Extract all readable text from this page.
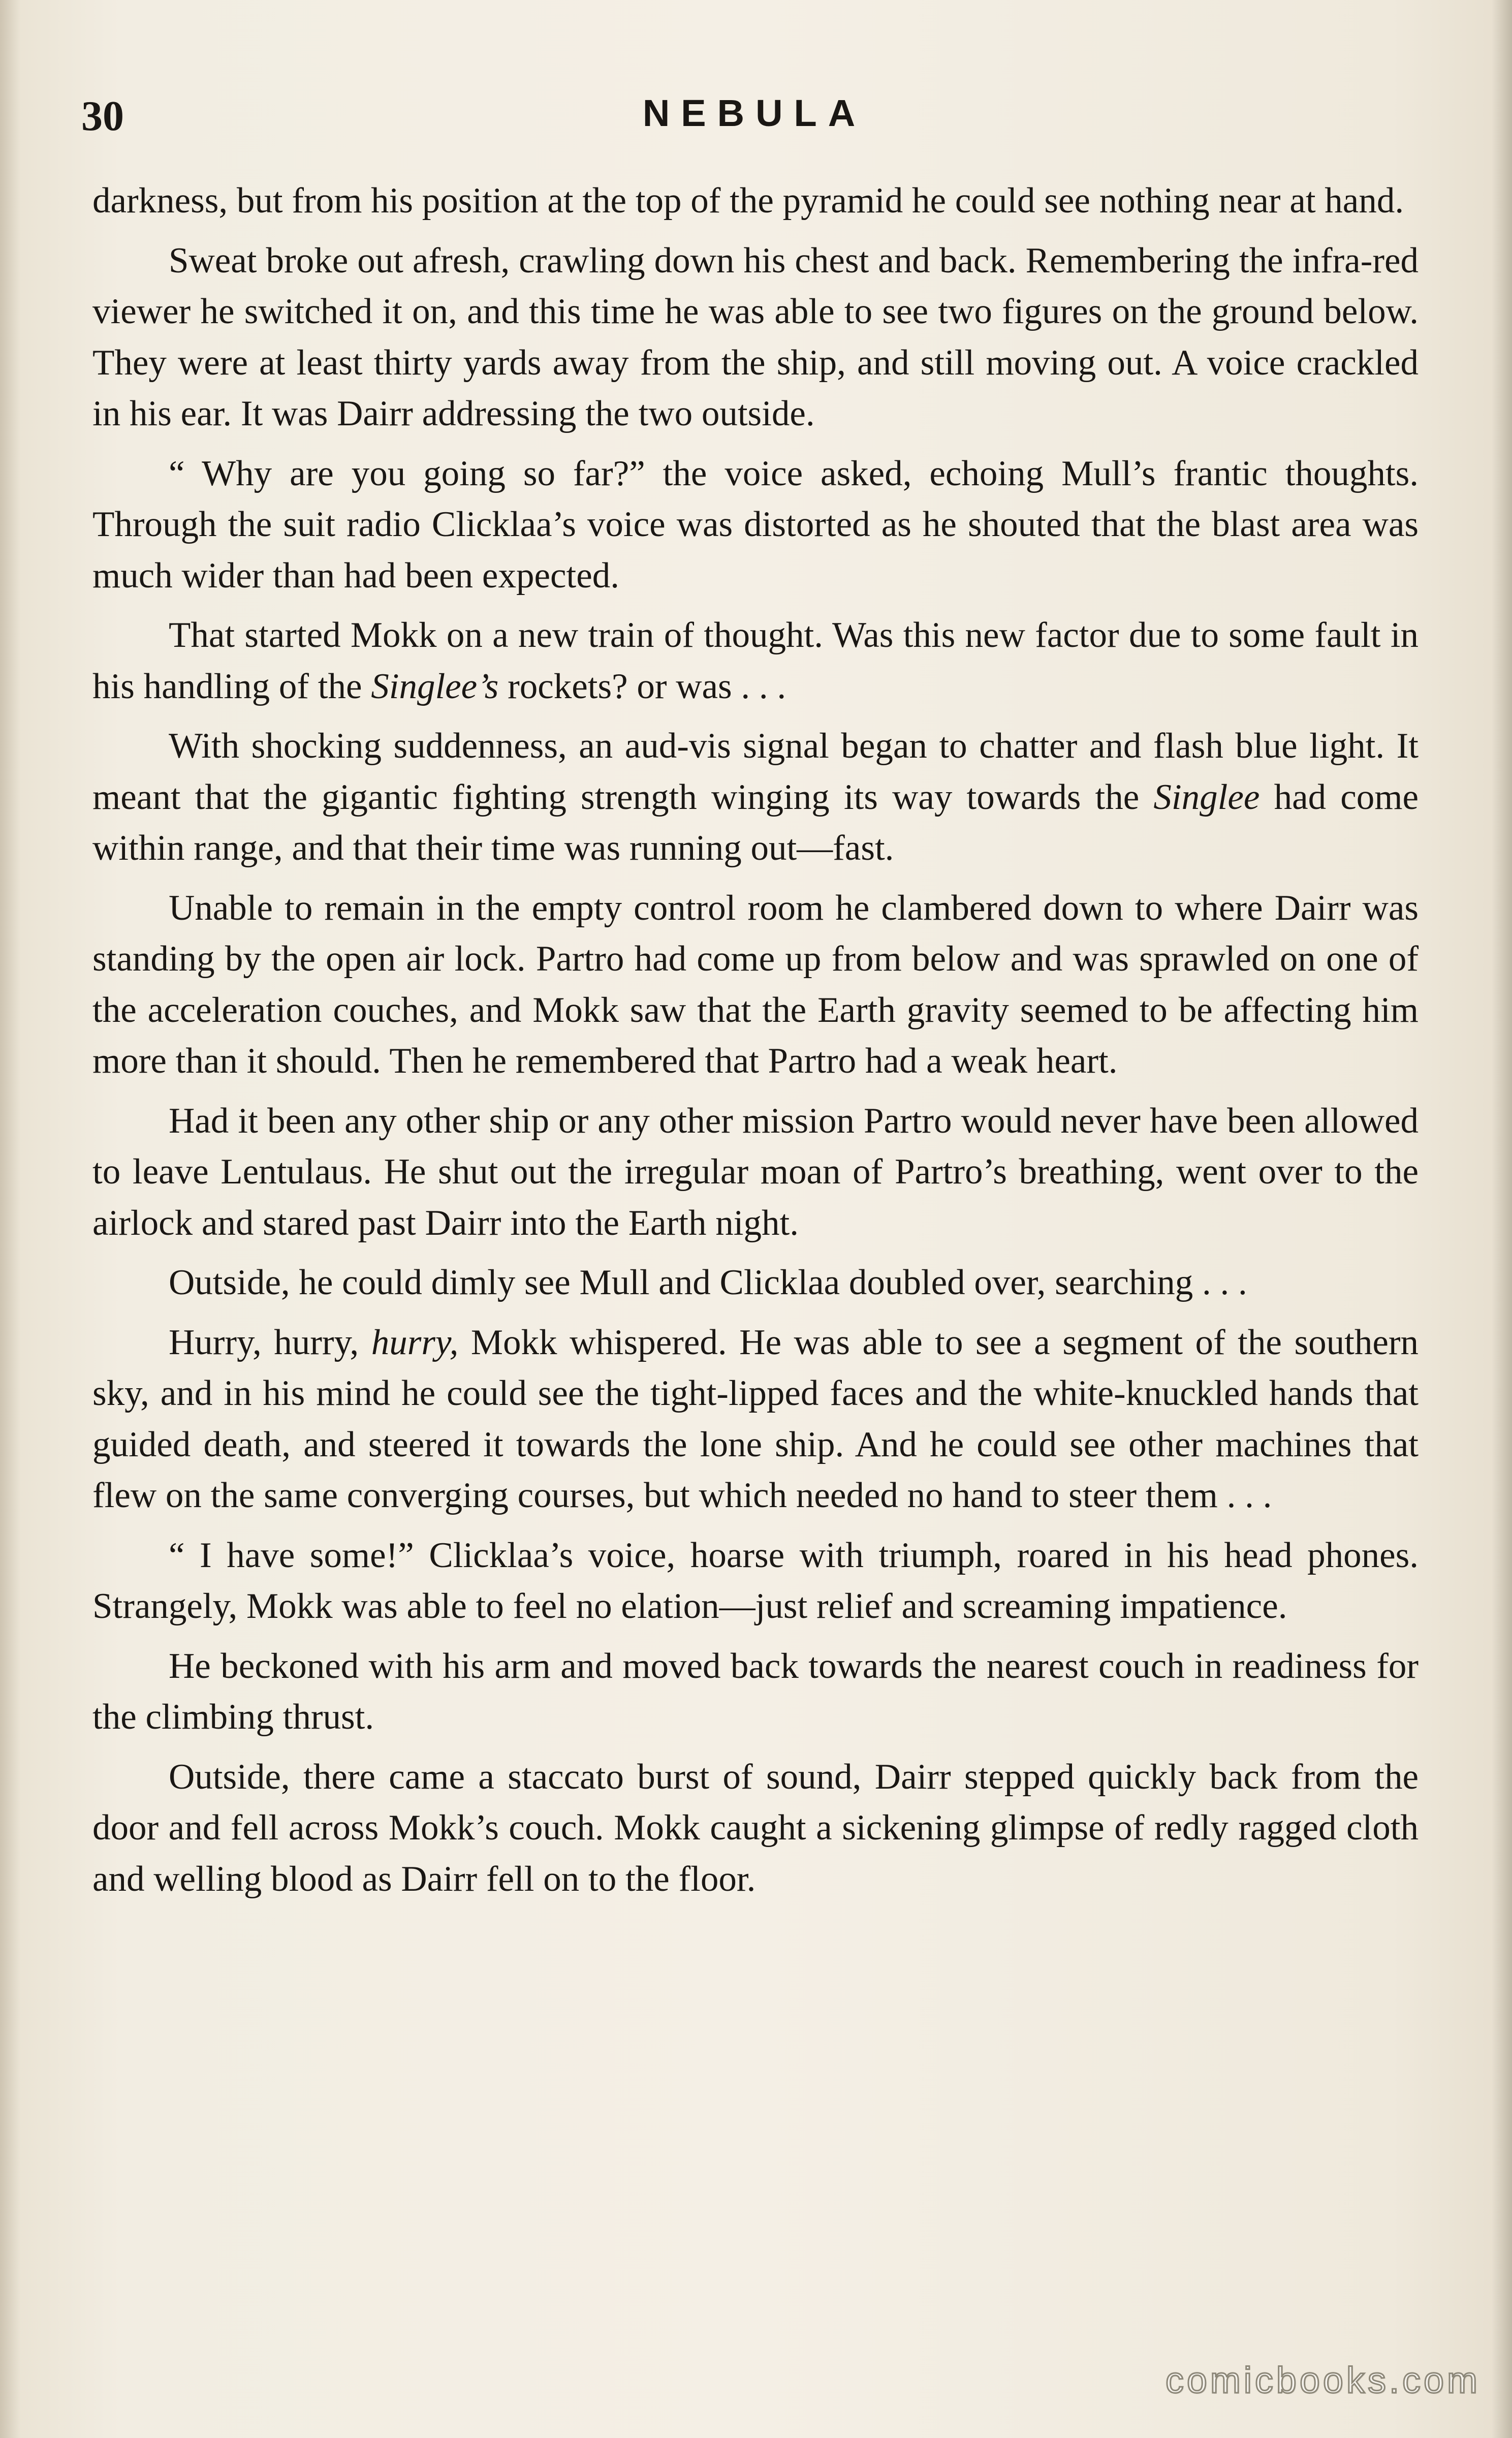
30	NEBULA

darkness, but from his position at the top of the pyramid he could see nothing near at hand.

Sweat broke out afresh, crawling down his chest and back. Remembering the infra-red viewer he switched it on, and this time he was able to see two figures on the ground below. They were at least thirty yards away from the ship, and still moving out. A voice crackled in his ear. It was Dairr addressing the two outside.

“ Why are you going so far?” the voice asked, echoing Mull’s frantic thoughts. Through the suit radio Clicklaa’s voice was distorted as he shouted that the blast area was much wider than had been expected.

That started Mokk on a new train of thought. Was this new factor due to some fault in his handling of the Singlee’s rockets? or was . . .

With shocking suddenness, an aud-vis signal began to chatter and flash blue light. It meant that the gigantic fighting strength winging its way towards the Singlee had come within range, and that their time was running out—fast.

Unable to remain in the empty control room he clambered down to where Dairr was standing by the open air lock. Partro had come up from below and was sprawled on one of the acceleration couches, and Mokk saw that the Earth gravity seemed to be affecting him more than it should. Then he remembered that Partro had a weak heart.

Had it been any other ship or any other mission Partro would never have been allowed to leave Lentulaus. He shut out the irregular moan of Partro’s breathing, went over to the airlock and stared past Dairr into the Earth night.

Outside, he could dimly see Mull and Clicklaa doubled over, searching . . .

Hurry, hurry, hurry, Mokk whispered. He was able to see a segment of the southern sky, and in his mind he could see the tight-lipped faces and the white-knuckled hands that guided death, and steered it towards the lone ship. And he could see other machines that flew on the same converging courses, but which needed no hand to steer them . . .

“ I have some!” Clicklaa’s voice, hoarse with triumph, roared in his head phones. Strangely, Mokk was able to feel no elation—just relief and screaming impatience.

He beckoned with his arm and moved back towards the nearest couch in readiness for the climbing thrust.

Outside, there came a staccato burst of sound, Dairr stepped quickly back from the door and fell across Mokk’s couch. Mokk caught a sickening glimpse of redly ragged cloth and welling blood as Dairr fell on to the floor.

comicbooks.com
